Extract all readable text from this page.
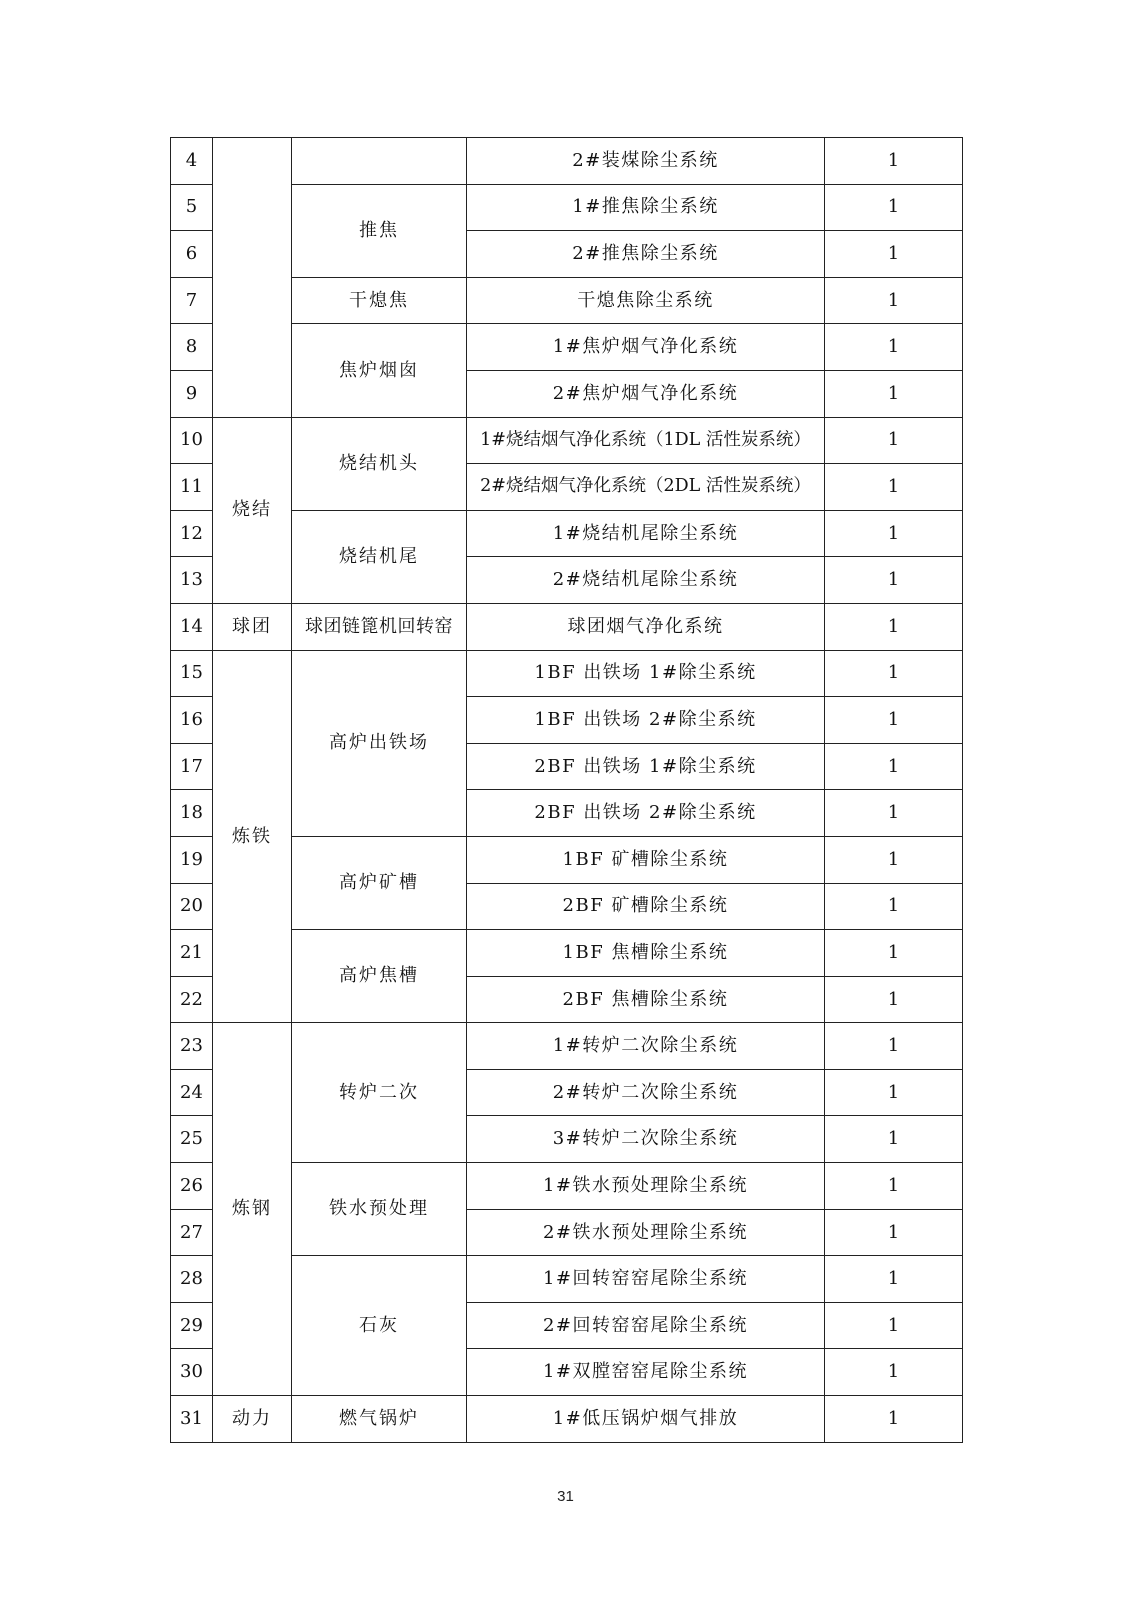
4			2#装煤除尘系统	1
5		推焦	1#推焦除尘系统	1
6			2#推焦除尘系统	1
7		干熄焦	干熄焦除尘系统	1
8		焦炉烟囱	1#焦炉烟气净化系统	1
9			2#焦炉烟气净化系统	1
10	烧结	烧结机头	1#烧结烟气净化系统（1DL 活性炭系统）	1
11			2#烧结烟气净化系统（2DL 活性炭系统）	1
12		烧结机尾	1#烧结机尾除尘系统	1
13			2#烧结机尾除尘系统	1
14	球团	球团链篦机回转窑	球团烟气净化系统	1
15	炼铁	高炉出铁场	1BF 出铁场 1#除尘系统	1
16			1BF 出铁场 2#除尘系统	1
17			2BF 出铁场 1#除尘系统	1
18			2BF 出铁场 2#除尘系统	1
19		高炉矿槽	1BF 矿槽除尘系统	1
20			2BF 矿槽除尘系统	1
21		高炉焦槽	1BF 焦槽除尘系统	1
22			2BF 焦槽除尘系统	1
23	炼钢	转炉二次	1#转炉二次除尘系统	1
24			2#转炉二次除尘系统	1
25			3#转炉二次除尘系统	1
26		铁水预处理	1#铁水预处理除尘系统	1
27			2#铁水预处理除尘系统	1
28		石灰	1#回转窑窑尾除尘系统	1
29			2#回转窑窑尾除尘系统	1
30			1#双膛窑窑尾除尘系统	1
31	动力	燃气锅炉	1#低压锅炉烟气排放	1
31
